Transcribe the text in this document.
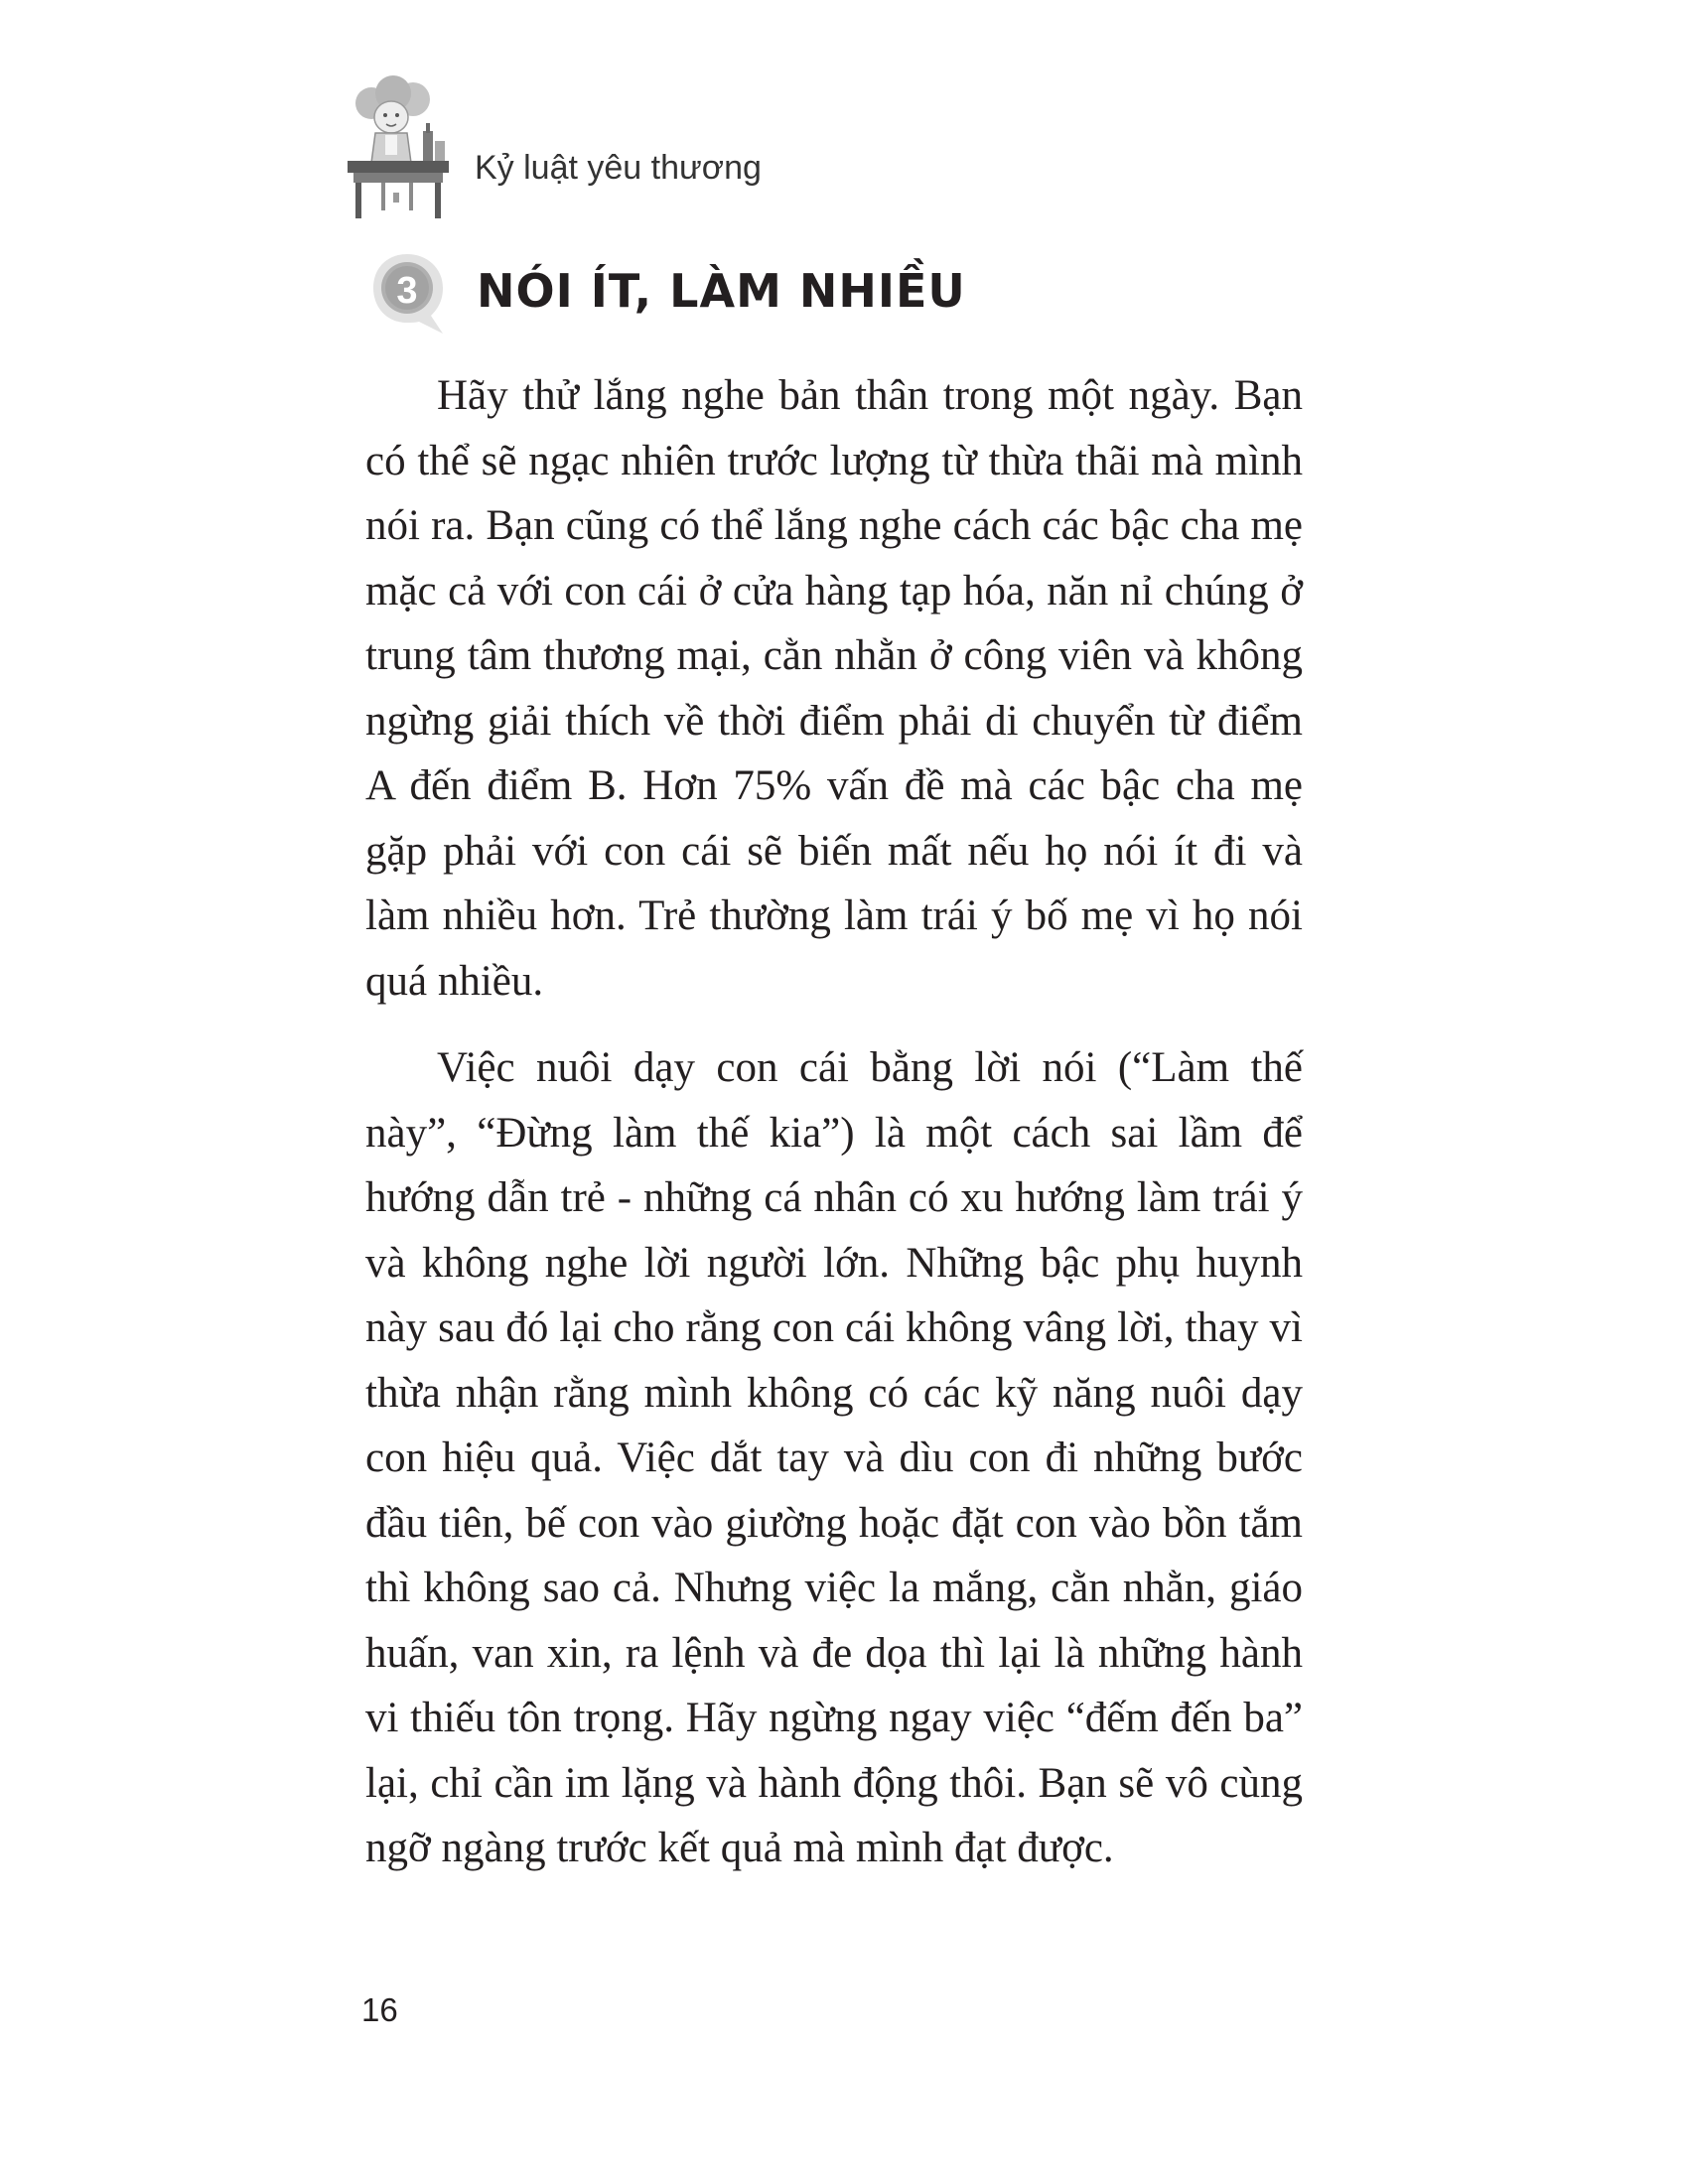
Kỷ luật yêu thương
3	NÓI ÍT, LÀM NHIỀU

Hãy thử lắng nghe bản thân trong một ngày. Bạn có thể sẽ ngạc nhiên trước lượng từ thừa thãi mà mình nói ra. Bạn cũng có thể lắng nghe cách các bậc cha mẹ mặc cả với con cái ở cửa hàng tạp hóa, năn nỉ chúng ở trung tâm thương mại, cằn nhằn ở công viên và không ngừng giải thích về thời điểm phải di chuyển từ điểm A đến điểm B. Hơn 75% vấn đề mà các bậc cha mẹ gặp phải với con cái sẽ biến mất nếu họ nói ít đi và làm nhiều hơn. Trẻ thường làm trái ý bố mẹ vì họ nói quá nhiều.

Việc nuôi dạy con cái bằng lời nói (“Làm thế này”, “Đừng làm thế kia”) là một cách sai lầm để hướng dẫn trẻ - những cá nhân có xu hướng làm trái ý và không nghe lời người lớn. Những bậc phụ huynh này sau đó lại cho rằng con cái không vâng lời, thay vì thừa nhận rằng mình không có các kỹ năng nuôi dạy con hiệu quả. Việc dắt tay và dìu con đi những bước đầu tiên, bế con vào giường hoặc đặt con vào bồn tắm thì không sao cả. Nhưng việc la mắng, cằn nhằn, giáo huấn, van xin, ra lệnh và đe dọa thì lại là những hành vi thiếu tôn trọng. Hãy ngừng ngay việc “đếm đến ba” lại, chỉ cần im lặng và hành động thôi. Bạn sẽ vô cùng ngỡ ngàng trước kết quả mà mình đạt được.

16
